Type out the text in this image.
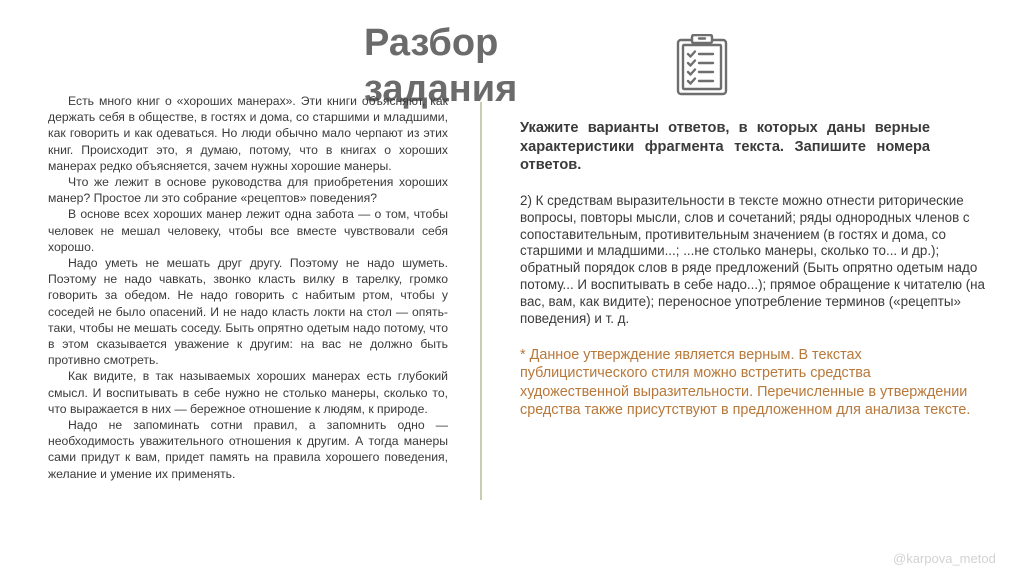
Разбор
задания

Есть много книг о «хороших манерах». Эти книги объясняют, как держать себя в обществе, в гостях и дома, со старшими и младшими, как говорить и как одеваться. Но люди обычно мало черпают из этих книг. Происходит это, я думаю, потому, что в книгах о хороших манерах редко объясняется, зачем нужны хорошие манеры.

Что же лежит в основе руководства для приобретения хороших манер? Простое ли это собрание «рецептов» поведения?

В основе всех хороших манер лежит одна забота — о том, чтобы человек не мешал человеку, чтобы все вместе чувствовали себя хорошо.

Надо уметь не мешать друг другу. Поэтому не надо шуметь. Поэтому не надо чавкать, звонко класть вилку в тарелку, громко говорить за обедом. Не надо говорить с набитым ртом, чтобы у соседей не было опасений. И не надо класть локти на стол — опять-таки, чтобы не мешать соседу. Быть опрятно одетым надо потому, что в этом сказывается уважение к другим: на вас не должно быть противно смотреть.

Как видите, в так называемых хороших манерах есть глубокий смысл. И воспитывать в себе нужно не столько манеры, сколько то, что выражается в них — бережное отношение к людям, к природе.

Надо не запоминать сотни правил, а запомнить одно — необходимость уважительного отношения к другим. А тогда манеры сами придут к вам, придет память на правила хорошего поведения, желание и умение их применять.

Укажите варианты ответов, в которых даны верные характеристики фрагмента текста. Запишите номера ответов.
2) К средствам выразительности в тексте можно отнести риторические вопросы, повторы мысли, слов и сочетаний; ряды однородных членов с сопоставительным, противительным значением (в гостях и дома, со старшими и младшими...; ...не столько манеры, сколько то... и др.); обратный порядок слов в ряде предложений (Быть опрятно одетым надо потому... И воспитывать в себе надо...); прямое обращение к читателю (на вас, вам, как видите); переносное употребление терминов («рецепты» поведения) и т. д.
* Данное утверждение является верным. В текстах публицистического стиля можно встретить средства художественной выразительности. Перечисленные в утверждении средства также присутствуют в предложенном для анализа тексте.
@karpova_metod
